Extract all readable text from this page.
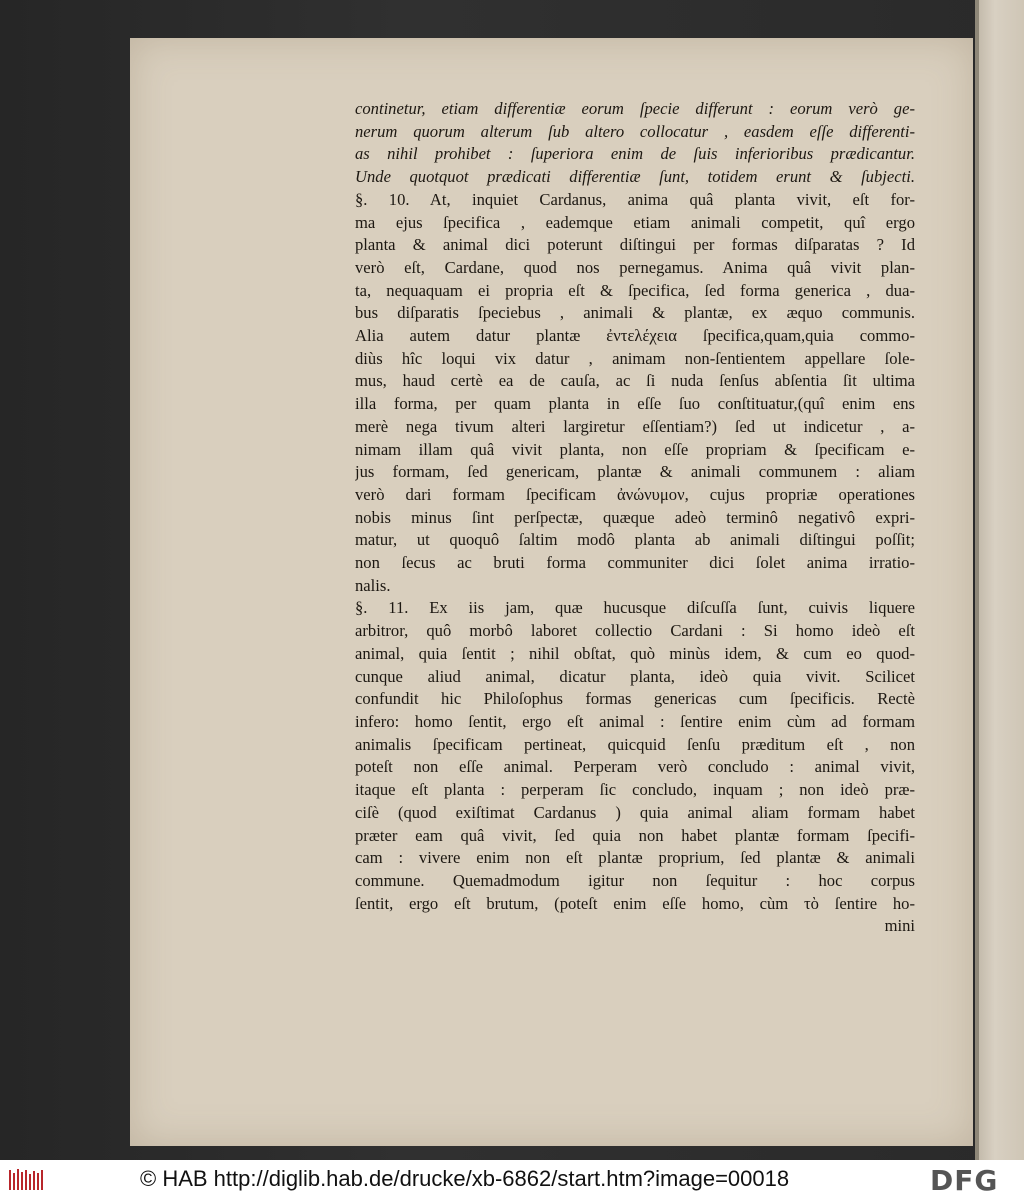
continetur, etiam differentiæ eorum ſpecie differunt : eorum verò ge-
nerum quorum alterum ſub altero collocatur , easdem eſſe differenti-
as nihil prohibet : ſuperiora enim de ſuis inferioribus prædicantur.
Unde quotquot prædicati differentiæ ſunt, totidem erunt & ſubjecti.
§. 10. At, inquiet Cardanus, anima quâ planta vivit, eſt for-
ma ejus ſpecifica , eademque etiam animali competit, quî ergo
planta & animal dici poterunt diſtingui per formas diſparatas ? Id
verò eſt, Cardane, quod nos pernegamus. Anima quâ vivit plan-
ta, nequaquam ei propria eſt & ſpecifica, ſed forma generica , dua-
bus diſparatis ſpeciebus , animali & plantæ, ex æquo communis.
Alia autem datur plantæ ἐντελέχεια ſpecifica,quam,quia commo-
diùs hîc loqui vix datur , animam non-ſentientem appellare ſole-
mus, haud certè ea de cauſa, ac ſi nuda ſenſus abſentia ſit ultima
illa forma, per quam planta in eſſe ſuo conſtituatur,(quî enim ens
merè nega tivum alteri largiretur eſſentiam?) ſed ut indicetur , a-
nimam illam quâ vivit planta, non eſſe propriam & ſpecificam e-
jus formam, ſed genericam, plantæ & animali communem : aliam
verò dari formam ſpecificam ἀνώνυμον, cujus propriæ operationes
nobis minus ſint perſpectæ, quæque adeò terminô negativô expri-
matur, ut quoquô ſaltim modô planta ab animali diſtingui poſſit;
non ſecus ac bruti forma communiter dici ſolet anima irratio-
nalis.
§. 11. Ex iis jam, quæ hucusque diſcuſſa ſunt, cuivis liquere
arbitror, quô morbô laboret collectio Cardani : Si homo ideò eſt
animal, quia ſentit ; nihil obſtat, quò minùs idem, & cum eo quod-
cunque aliud animal, dicatur planta, ideò quia vivit. Scilicet
confundit hic Philoſophus formas genericas cum ſpecificis. Rectè
infero: homo ſentit, ergo eſt animal : ſentire enim cùm ad formam
animalis ſpecificam pertineat, quicquid ſenſu præditum eſt , non
poteſt non eſſe animal. Perperam verò concludo : animal vivit,
itaque eſt planta : perperam ſic concludo, inquam ; non ideò præ-
ciſè (quod exiſtimat Cardanus ) quia animal aliam formam habet
præter eam quâ vivit, ſed quia non habet plantæ formam ſpecifi-
cam : vivere enim non eſt plantæ proprium, ſed plantæ & animali
commune. Quemadmodum igitur non ſequitur : hoc corpus
ſentit, ergo eſt brutum, (poteſt enim eſſe homo, cùm τὸ ſentire ho-
mini
© HAB http://diglib.hab.de/drucke/xb-6862/start.htm?image=00018	DFG
